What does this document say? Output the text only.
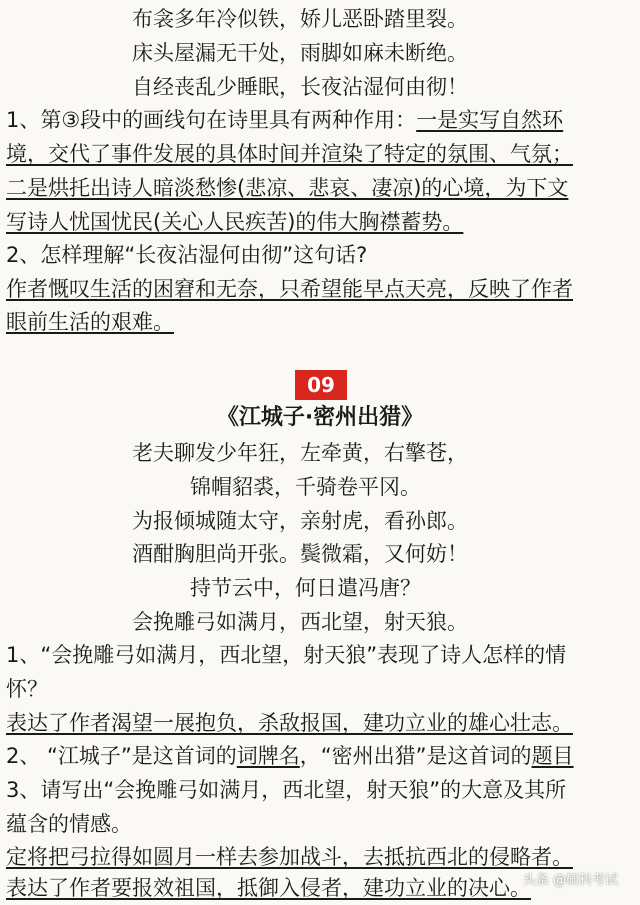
布衾多年冷似铁，娇儿恶卧踏里裂。
床头屋漏无干处，雨脚如麻未断绝。
自经丧乱少睡眠，长夜沾湿何由彻！
1、第③段中的画线句在诗里具有两种作用：一是实写自然环
境，交代了事件发展的具体时间并渲染了特定的氛围、气氛；
二是烘托出诗人暗淡愁惨(悲凉、悲哀、凄凉)的心境，为下文
写诗人忧国忧民(关心人民疾苦)的伟大胸襟蓄势。
2、怎样理解“长夜沾湿何由彻”这句话?
作者慨叹生活的困窘和无奈，只希望能早点天亮，反映了作者
眼前生活的艰难。
09
《江城子·密州出猎》
老夫聊发少年狂，左牵黄，右擎苍，
锦帽貂裘，千骑卷平冈。
为报倾城随太守，亲射虎，看孙郎。
酒酣胸胆尚开张。鬓微霜，又何妨！
持节云中，何日遣冯唐？
会挽雕弓如满月，西北望，射天狼。
1、“会挽雕弓如满月，西北望，射天狼”表现了诗人怎样的情
怀？
表达了作者渴望一展抱负，杀敌报国，建功立业的雄心壮志。
2、 “江城子”是这首词的词牌名，“密州出猎”是这首词的题目
3、请写出“会挽雕弓如满月，西北望，射天狼”的大意及其所
蕴含的情感。
定将把弓拉得如圆月一样去参加战斗，去抵抗西北的侵略者。
表达了作者要报效祖国，抵御入侵者，建功立业的决心。
头条 @硕科考试
